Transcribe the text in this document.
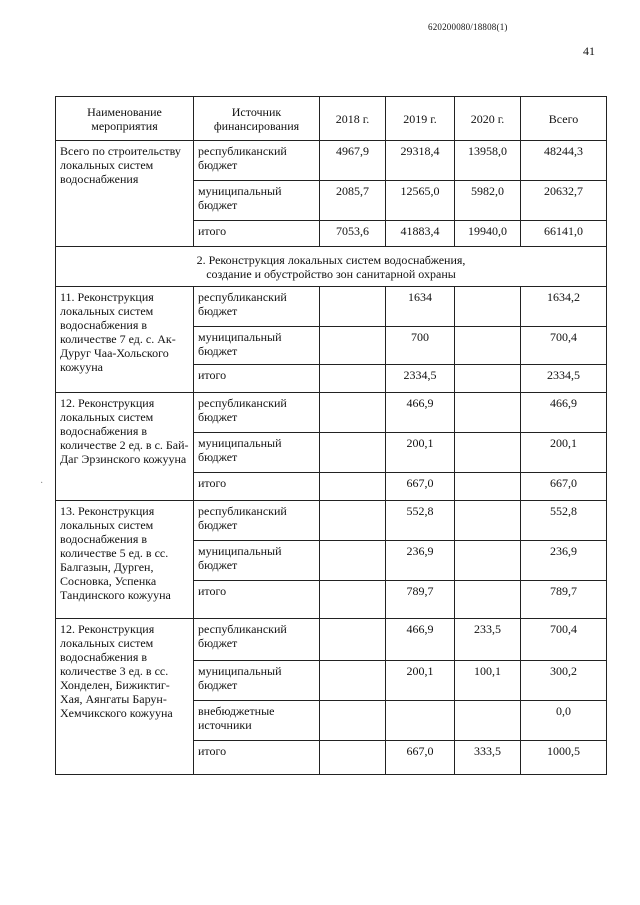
620200080/18808(1)
41
·
Наименование мероприятия	Источник финансирования	2018 г.	2019 г.	2020 г.	Всего
Всего по строительству локальных систем водоснабжения	республиканский бюджет	4967,9	29318,4	13958,0	48244,3
	муниципальный бюджет	2085,7	12565,0	5982,0	20632,7
	итого	7053,6	41883,4	19940,0	66141,0

2. Реконструкция локальных систем водоснабжения,
создание и обустройство зон санитарной охраны					

11. Реконструкция локальных систем водоснабжения в количестве 7 ед. с. Ак-Дуруг Чаа-Хольского кожууна	республиканский бюджет		1634		1634,2
	муниципальный бюджет		700		700,4
	итого		2334,5		2334,5
12. Реконструкция локальных систем водоснабжения в количестве 2 ед. в с. Бай-Даг Эрзинского кожууна	республиканский бюджет		466,9		466,9
	муниципальный бюджет		200,1		200,1
	итого		667,0		667,0
13. Реконструкция локальных систем водоснабжения в количестве 5 ед. в сс. Балгазын, Дурген, Сосновка, Успенка Тандинского кожууна	республиканский бюджет		552,8		552,8
	муниципальный бюджет		236,9		236,9
	итого		789,7		789,7
12. Реконструкция локальных систем водоснабжения в количестве 3 ед. в сс. Хонделен, Бижиктиг-Хая, Аянгаты Барун-Хемчикского кожууна	республиканский бюджет		466,9	233,5	700,4
	муниципальный бюджет		200,1	100,1	300,2
	внебюджетные источники				0,0
	итого		667,0	333,5	1000,5
